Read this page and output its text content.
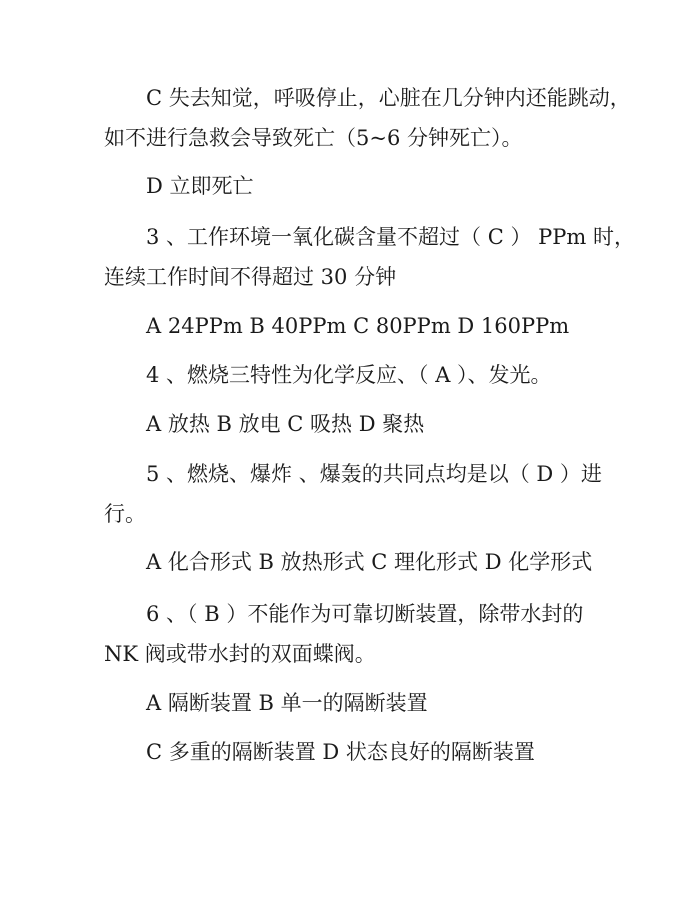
C 失去知觉，呼吸停止，心脏在几分钟内还能跳动，
如不进行急救会导致死亡（5~6 分钟死亡）。
D 立即死亡
3 、工作环境一氧化碳含量不超过（ C ） PPm 时，
连续工作时间不得超过 30 分钟
A 24PPm B 40PPm C 80PPm D 160PPm
4 、燃烧三特性为化学反应、（ A ）、发光。
A 放热 B 放电 C 吸热 D 聚热
5 、燃烧、爆炸 、爆轰的共同点均是以（ D ）进
行。
A 化合形式 B 放热形式 C 理化形式 D 化学形式
6 、（ B ）不能作为可靠切断装置，除带水封的
NK 阀或带水封的双面蝶阀。
A 隔断装置 B 单一的隔断装置
C 多重的隔断装置 D 状态良好的隔断装置
